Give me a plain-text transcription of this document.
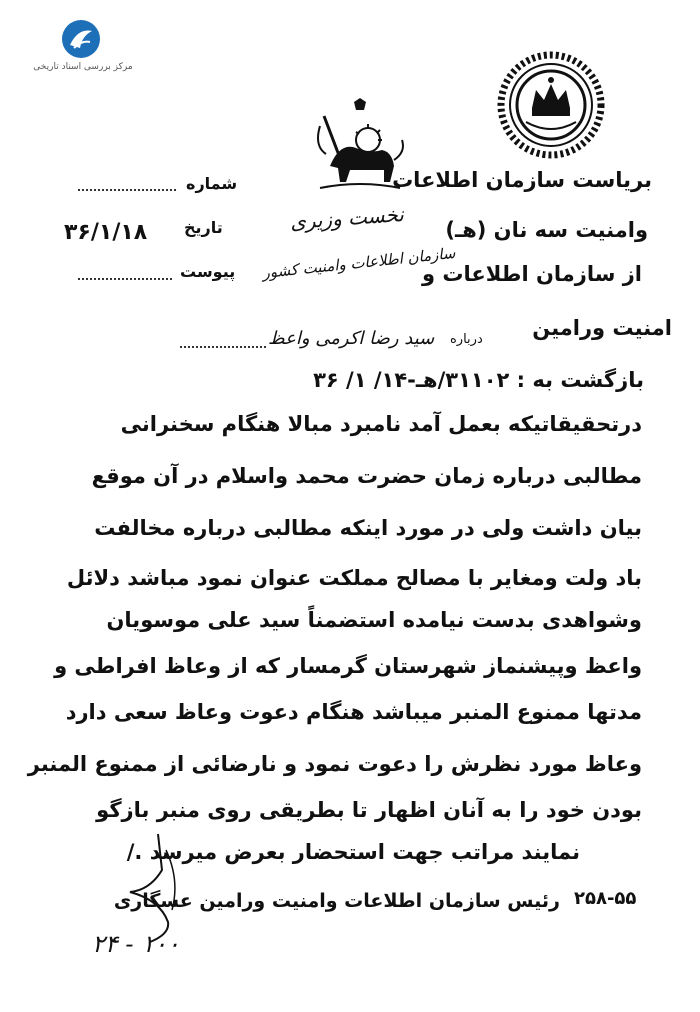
مرکز بررسی اسناد تاریخی
بریاست سازمان اطلاعات
وامنیت سه نان (هـ)
از سازمان اطلاعات و
سازمان اطلاعات وامنیت کشور
نخست وزیری
شماره
تاریخ
۳۶/۱/۱۸
پیوست
امنیت ورامین
سید رضا اکرمی واعظ درباره
بازگشت به : ۳۱۱۰۲/هـ-۱۴/ ۱/ ۳۶
درتحقیقاتیکه بعمل آمد نامبرد مبالا هنگام سخنرانی
مطالبی درباره زمان حضرت محمد واسلام در آن موقع
بیان داشت ولی در مورد اینکه مطالبی درباره مخالفت
باد ولت ومغایر با مصالح مملکت عنوان نمود مباشد دلائل
وشواهدی بدست نیامده استضمناً سید علی موسویان
واعظ وپیشنماز شهرستان گرمسار که از وعاظ افراطی و
مدتها ممنوع المنبر میباشد هنگام دعوت وعاظ سعی دارد
وعاظ مورد نظرش را دعوت نمود و نارضائی از ممنوع المنبر
بودن خود را به آنان اظهار تا بطریقی روی منبر بازگو
نمایند مراتب جهت استحضار بعرض میرسد ./
۲۵۸-۵۵
رئیس سازمان اطلاعات وامنیت ورامین عسگاری
۲۴ - ۱۰۰
